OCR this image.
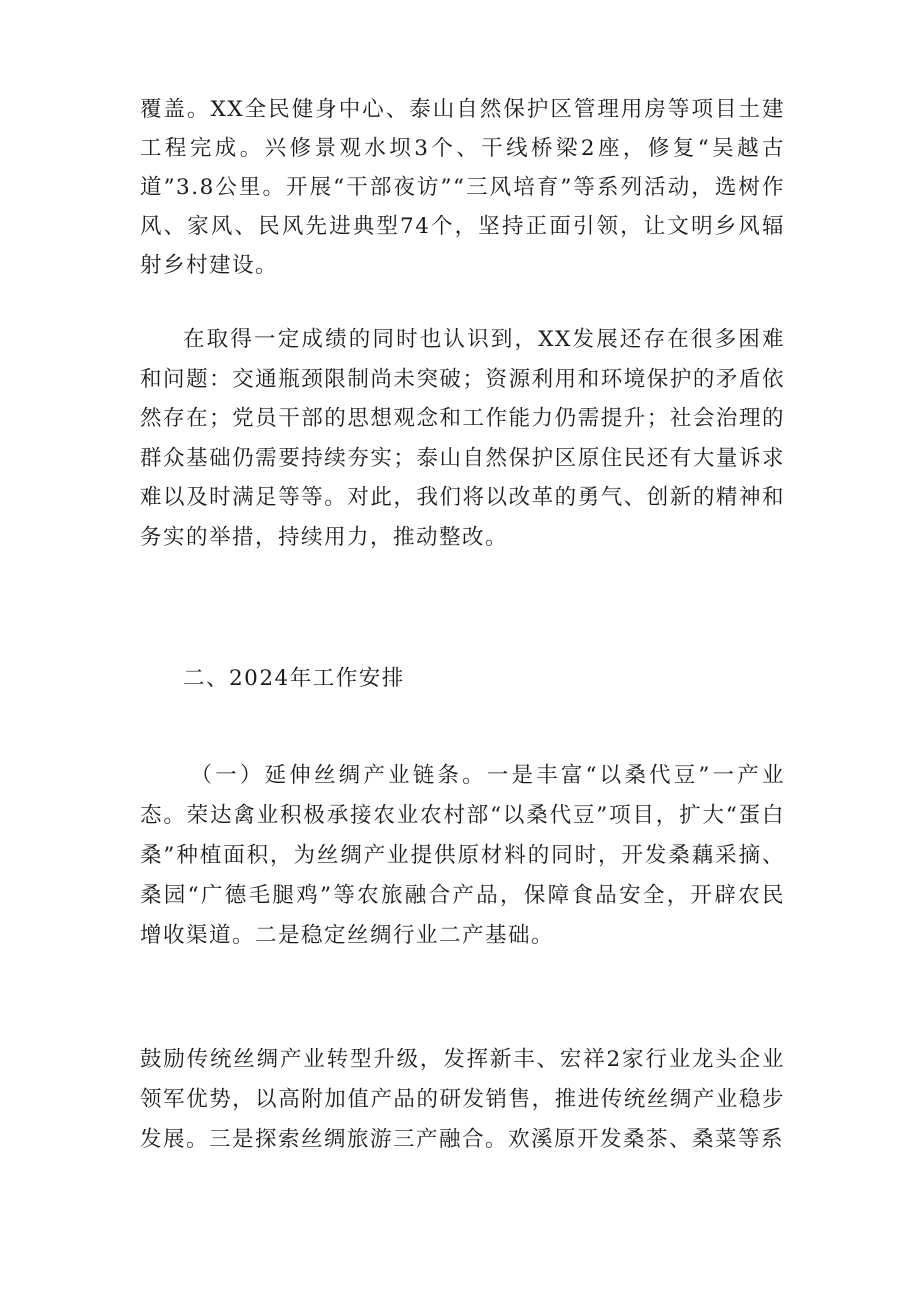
覆盖。XX全民健身中心、泰山自然保护区管理用房等项目土建工程完成。兴修景观水坝3个、干线桥梁2座，修复“吴越古道”3.8公里。开展“干部夜访”“三风培育”等系列活动，选树作风、家风、民风先进典型74个，坚持正面引领，让文明乡风辐射乡村建设。

在取得一定成绩的同时也认识到，XX发展还存在很多困难和问题：交通瓶颈限制尚未突破；资源利用和环境保护的矛盾依然存在；党员干部的思想观念和工作能力仍需提升；社会治理的群众基础仍需要持续夯实；泰山自然保护区原住民还有大量诉求难以及时满足等等。对此，我们将以改革的勇气、创新的精神和务实的举措，持续用力，推动整改。

二、2024年工作安排

（一）延伸丝绸产业链条。一是丰富“以桑代豆”一产业态。荣达禽业积极承接农业农村部“以桑代豆”项目，扩大“蛋白桑”种植面积，为丝绸产业提供原材料的同时，开发桑藕采摘、桑园“广德毛腿鸡”等农旅融合产品，保障食品安全，开辟农民增收渠道。二是稳定丝绸行业二产基础。

鼓励传统丝绸产业转型升级，发挥新丰、宏祥2家行业龙头企业领军优势，以高附加值产品的研发销售，推进传统丝绸产业稳步发展。三是探索丝绸旅游三产融合。欢溪原开发桑茶、桑菜等系
